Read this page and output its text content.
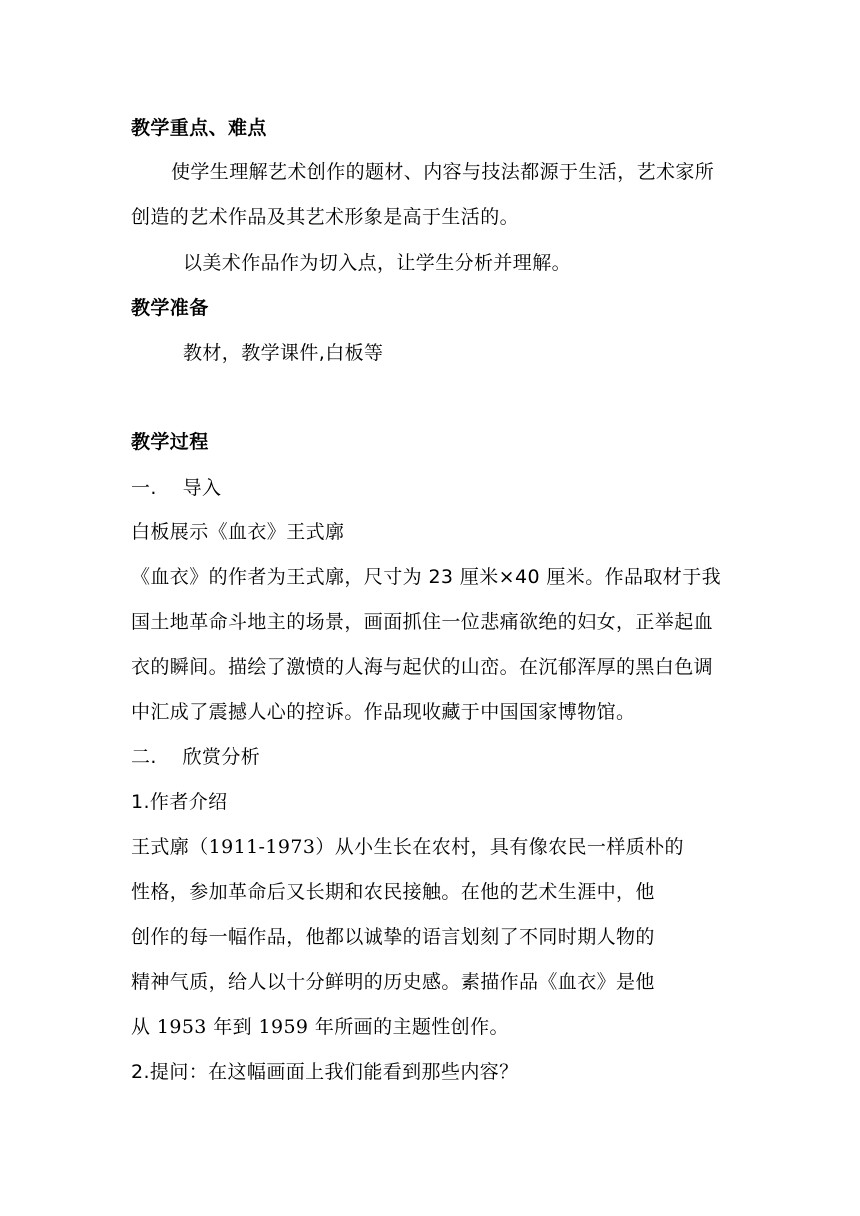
教学重点、难点
使学生理解艺术创作的题材、内容与技法都源于生活，艺术家所
创造的艺术作品及其艺术形象是高于生活的。
以美术作品作为切入点，让学生分析并理解。
教学准备
教材，教学课件,白板等
教学过程
一.    导入
白板展示《血衣》王式廓
《血衣》的作者为王式廓，尺寸为 23 厘米×40 厘米。作品取材于我
国土地革命斗地主的场景，画面抓住一位悲痛欲绝的妇女，正举起血
衣的瞬间。描绘了激愤的人海与起伏的山峦。在沉郁浑厚的黑白色调
中汇成了震撼人心的控诉。作品现收藏于中国国家博物馆。
二.    欣赏分析
1.作者介绍
王式廓（1911-1973）从小生长在农村，具有像农民一样质朴的
性格，参加革命后又长期和农民接触。在他的艺术生涯中，他
创作的每一幅作品，他都以诚挚的语言划刻了不同时期人物的
精神气质，给人以十分鲜明的历史感。素描作品《血衣》是他
从 1953 年到 1959 年所画的主题性创作。
2.提问：在这幅画面上我们能看到那些内容？
